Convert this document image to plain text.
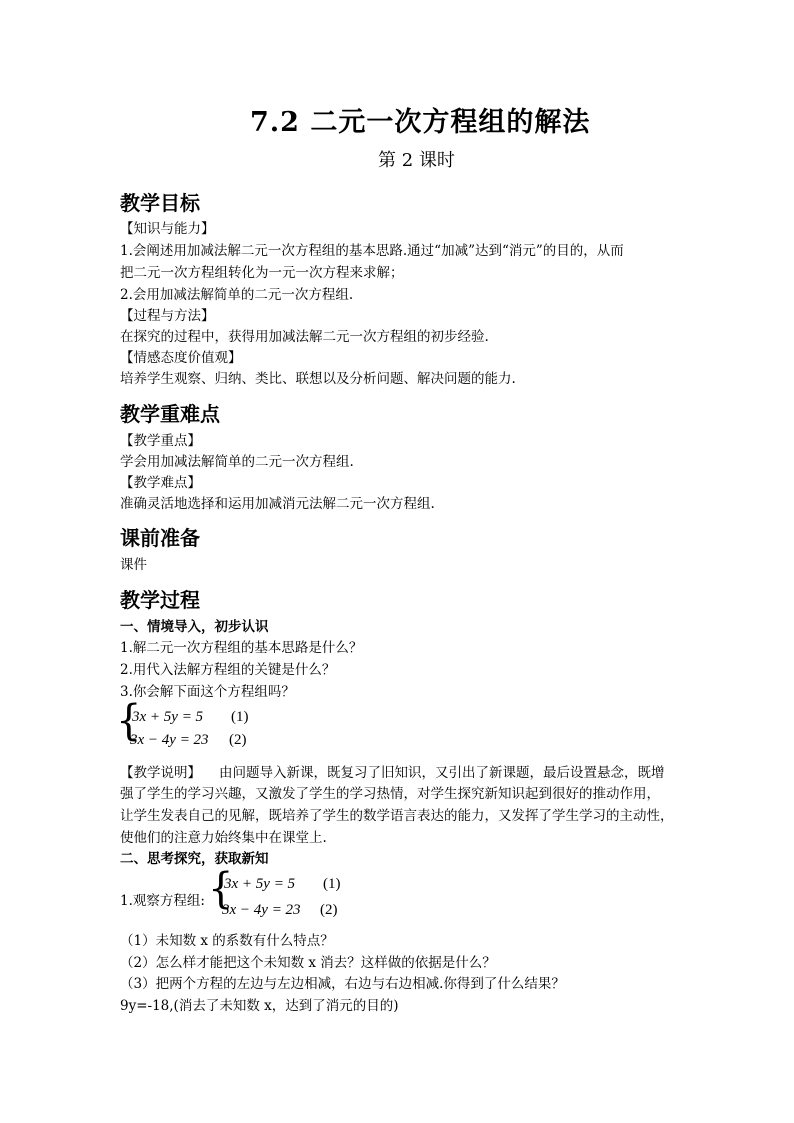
7.2 二元一次方程组的解法
第 2 课时
教学目标
【知识与能力】
1.会阐述用加减法解二元一次方程组的基本思路.通过“加减”达到“消元”的目的，从而
把二元一次方程组转化为一元一次方程来求解；
2.会用加减法解简单的二元一次方程组.
【过程与方法】
在探究的过程中，获得用加减法解二元一次方程组的初步经验.
【情感态度价值观】
培养学生观察、归纳、类比、联想以及分析问题、解决问题的能力.
教学重难点
【教学重点】
学会用加减法解简单的二元一次方程组.
【教学难点】
准确灵活地选择和运用加减消元法解二元一次方程组.
课前准备
课件
教学过程
一、情境导入，初步认识
1.解二元一次方程组的基本思路是什么？
2.用代入法解方程组的关键是什么？
3.你会解下面这个方程组吗？
{
3x + 5y = 5 (1)
3x − 4y = 23 (2)
【教学说明】 由问题导入新课，既复习了旧知识，又引出了新课题，最后设置悬念，既增
强了学生的学习兴趣，又激发了学生的学习热情，对学生探究新知识起到很好的推动作用，
让学生发表自己的见解，既培养了学生的数学语言表达的能力，又发挥了学生学习的主动性，
使他们的注意力始终集中在课堂上.
二、思考探究，获取新知
1.观察方程组: {
3x + 5y = 5 (1)
3x − 4y = 23 (2)
（1）未知数 x 的系数有什么特点？
（2）怎么样才能把这个未知数 x 消去？这样做的依据是什么？
（3）把两个方程的左边与左边相减，右边与右边相减.你得到了什么结果？
9y=-18,(消去了未知数 x，达到了消元的目的)
